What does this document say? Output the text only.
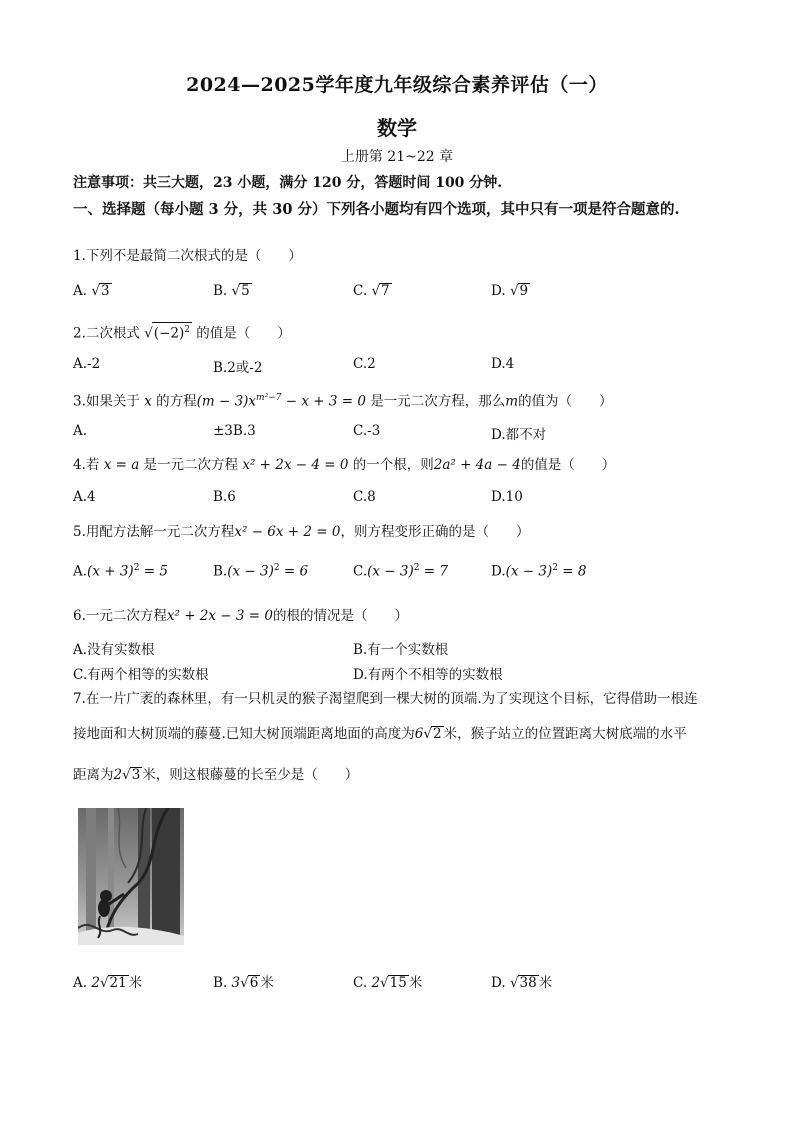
2024—2025学年度九年级综合素养评估（一）
数学
上册第 21~22 章
注意事项：共三大题，23 小题，满分 120 分，答题时间 100 分钟.
一、选择题（每小题 3 分，共 30 分）下列各小题均有四个选项，其中只有一项是符合题意的.
1.下列不是最简二次根式的是（　　 ）
A. √3	B. √5	C. √7	D. √9
2.二次根式 $√(-2)^2$ 的值是（　　）
A.-2	B.2或-2	C.2	D.4
3.如果关于 x 的方程$(m - 3)x^{m^2-7} - x + 3 = 0$ 是一元二次方程，那么m的值为（　　）
A.	±3B.3	C.-3	D.都不对
4.若 x = a 是一元二次方程 x² + 2x − 4 = 0 的一个根，则2a² + 4a − 4的值是（　　）
A.4	B.6	C.8	D.10
5.用配方法解一元二次方程x² − 6x + 2 = 0，则方程变形正确的是（　　）
$A.(x + 3)^2 = 5$	$B.(x - 3)^2 = 6$	$C.(x - 3)^2 = 7$	$D.(x - 3)^2 = 8$
6.一元二次方程x² + 2x − 3 = 0的根的情况是（　　）
A.没有实数根	B.有一个实数根
C.有两个相等的实数根	D.有两个不相等的实数根
7.在一片广袤的森林里，有一只机灵的猴子渴望爬到一棵大树的顶端.为了实现这个目标，它得借助一根连
接地面和大树顶端的藤蔓.已知大树顶端距离地面的高度为6√2 米，猴子站立的位置距离大树底端的水平
距离为2√3 米，则这根藤蔓的长至少是（　　）
A. 2√21 米	B. 3√6 米	C. 2√15 米	D. √38 米
